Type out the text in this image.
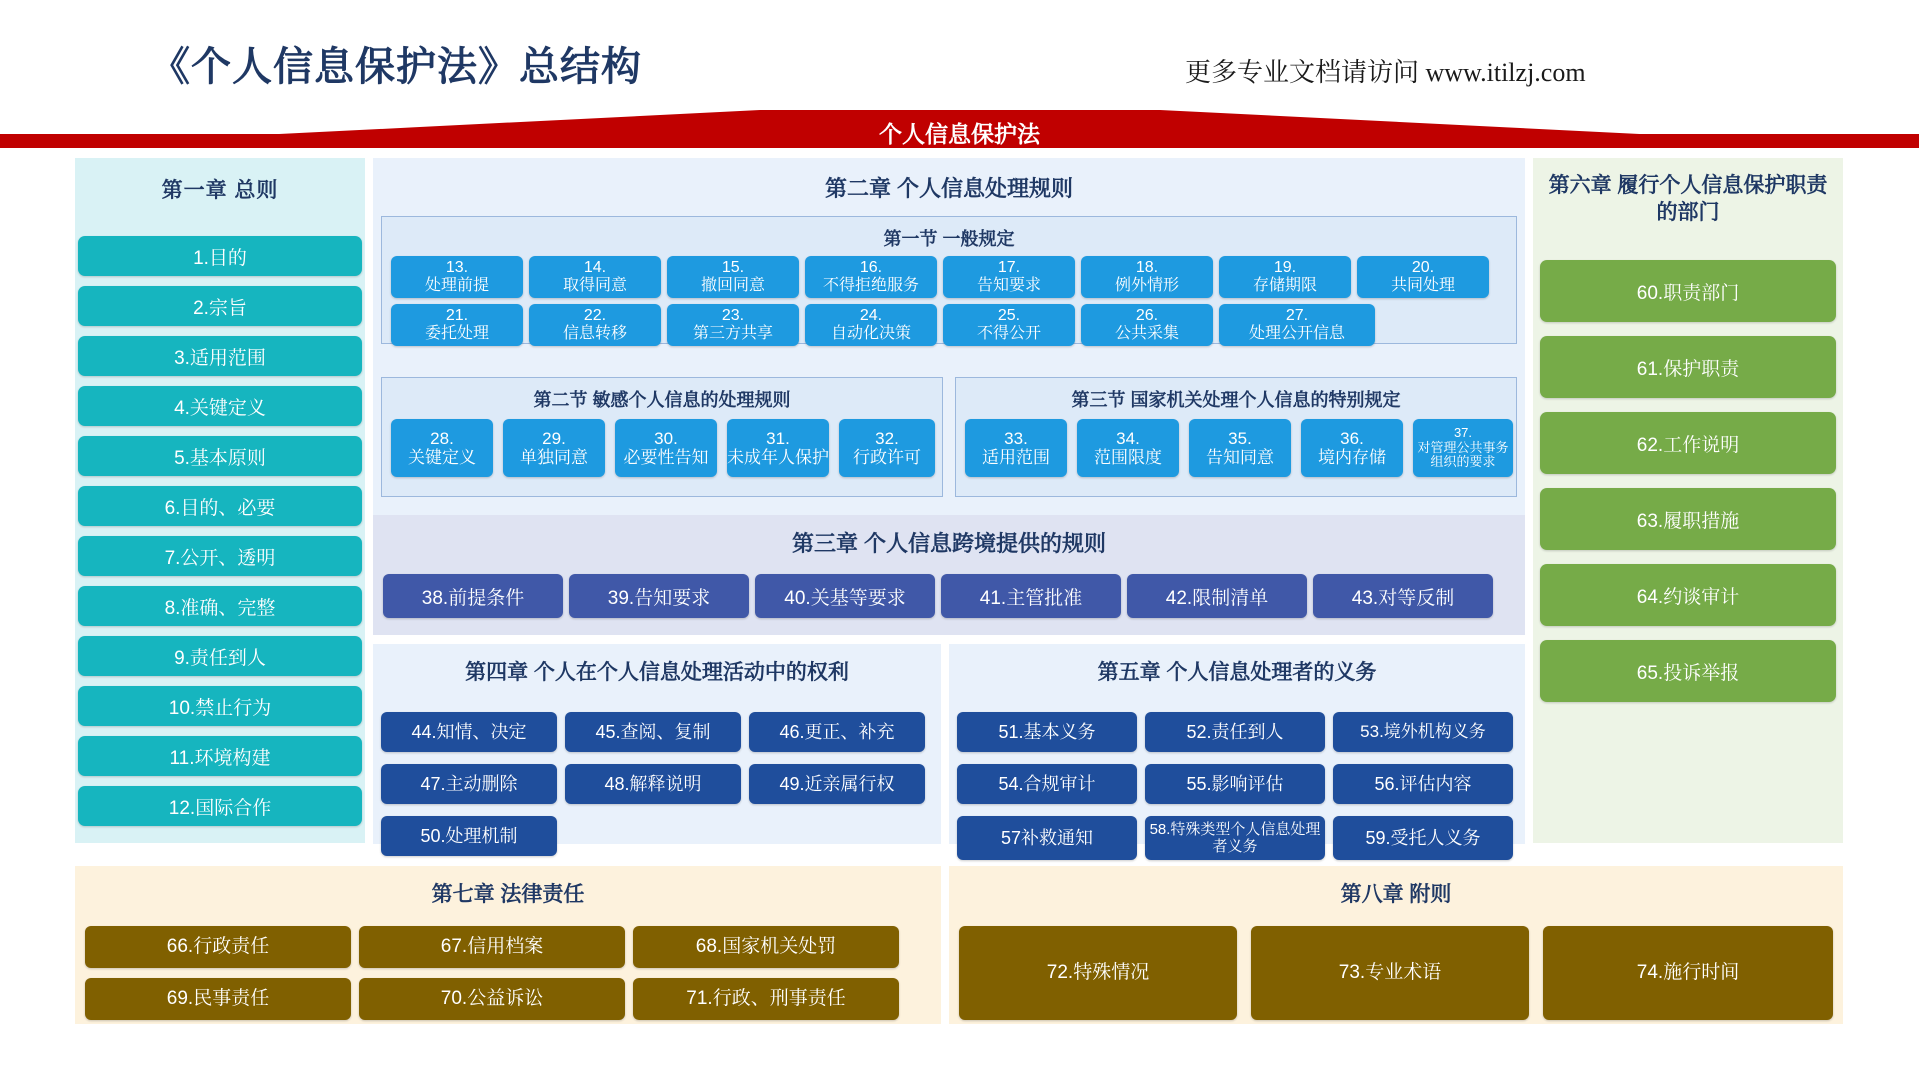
《个人信息保护法》总结构	更多专业文档请访问 www.itilzj.com
个人信息保护法
第一章 总则
1.目的
2.宗旨
3.适用范围
4.关键定义
5.基本原则
6.目的、必要
7.公开、透明
8.准确、完整
9.责任到人
10.禁止行为
11.环境构建
12.国际合作
第二章 个人信息处理规则
第一节 一般规定
13.
处理前提
14.
取得同意
15.
撤回同意
16.
不得拒绝服务
17.
告知要求
18.
例外情形
19.
存储期限
20.
共同处理
21.
委托处理
22.
信息转移
23.
第三方共享
24.
自动化决策
25.
不得公开
26.
公共采集
27.
处理公开信息
第二节 敏感个人信息的处理规则
28.
关键定义
29.
单独同意
30.
必要性告知
31.
未成年人保护
32.
行政许可
第三节 国家机关处理个人信息的特别规定
33.
适用范围
34.
范围限度
35.
告知同意
36.
境内存储
37.
对管理公共事务组织的要求
第三章 个人信息跨境提供的规则
38.前提条件	39.告知要求	40.关基等要求	41.主管批准	42.限制清单	43.对等反制
第四章 个人在个人信息处理活动中的权利
44.知情、决定	45.查阅、复制	46.更正、补充
47.主动删除	48.解释说明	49.近亲属行权
50.处理机制
第五章 个人信息处理者的义务
51.基本义务	52.责任到人	53.境外机构义务
54.合规审计	55.影响评估	56.评估内容
57补救通知	58.特殊类型个人信息处理者义务	59.受托人义务
第六章 履行个人信息保护职责的部门
60.职责部门
61.保护职责
62.工作说明
63.履职措施
64.约谈审计
65.投诉举报
第七章 法律责任
66.行政责任	67.信用档案	68.国家机关处罚
69.民事责任	70.公益诉讼	71.行政、刑事责任
第八章 附则
72.特殊情况	73.专业术语	74.施行时间
